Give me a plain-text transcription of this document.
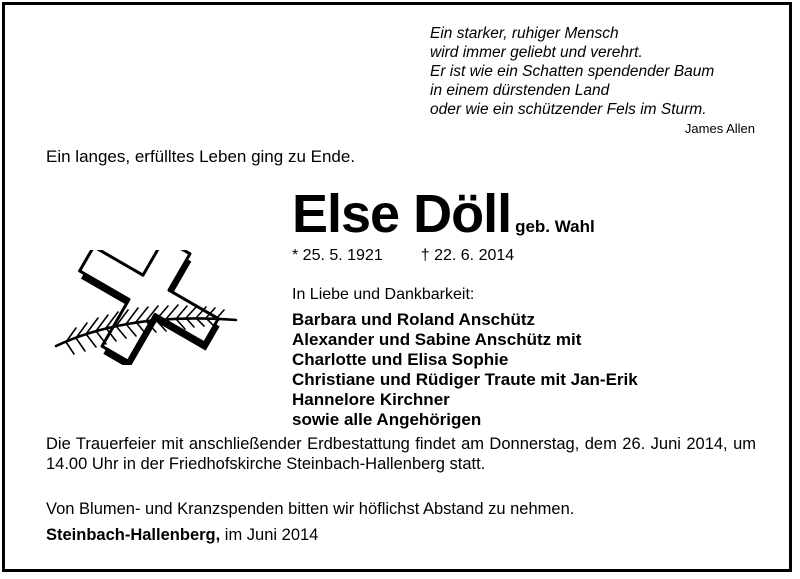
Ein starker, ruhiger Mensch
wird immer geliebt und verehrt.
Er ist wie ein Schatten spendender Baum
in einem dürstenden Land
oder wie ein schützender Fels im Sturm.
James Allen
Ein langes, erfülltes Leben ging zu Ende.
Else Döll geb. Wahl
* 25. 5. 1921 † 22. 6. 2014
In Liebe und Dankbarkeit:
Barbara und Roland Anschütz
Alexander und Sabine Anschütz mit
Charlotte und Elisa Sophie
Christiane und Rüdiger Traute mit Jan-Erik
Hannelore Kirchner
sowie alle Angehörigen
Die Trauerfeier mit anschließender Erdbestattung findet am Donnerstag, dem 26. Juni 2014, um 14.00 Uhr in der Friedhofskirche Steinbach-Hallenberg statt.
Von Blumen- und Kranzspenden bitten wir höflichst Abstand zu nehmen.
Steinbach-Hallenberg, im Juni 2014
